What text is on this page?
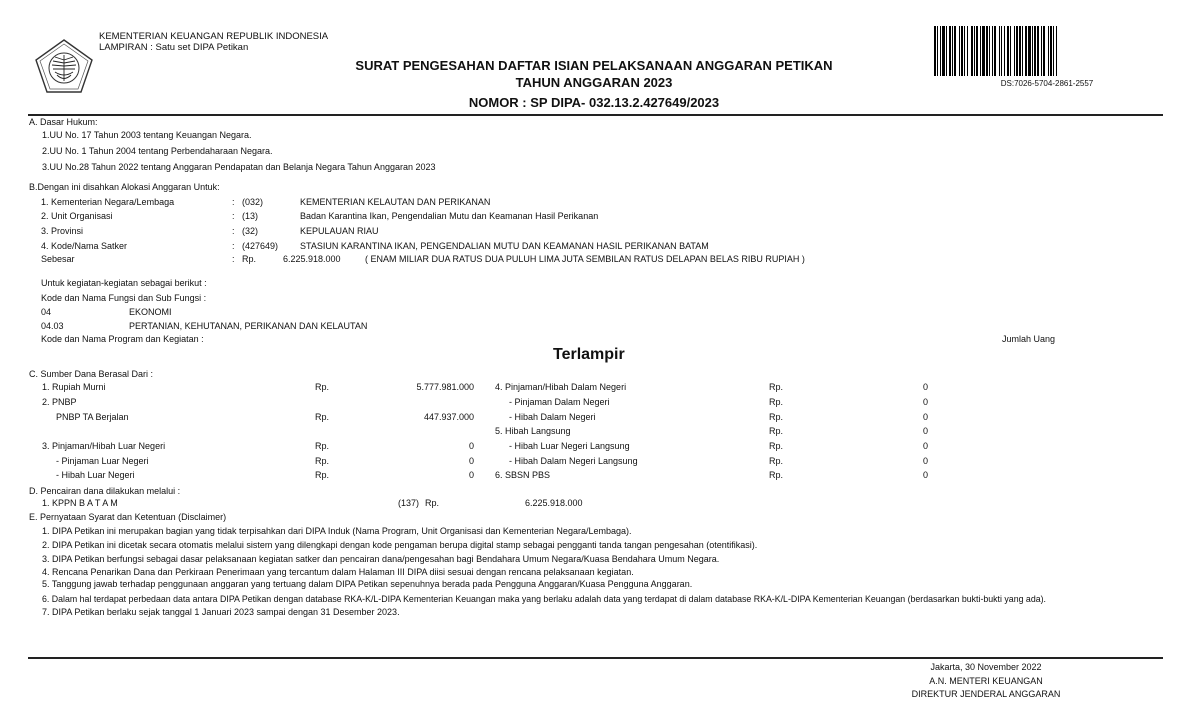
KEMENTERIAN KEUANGAN REPUBLIK INDONESIA
LAMPIRAN : Satu set DIPA Petikan
SURAT PENGESAHAN DAFTAR ISIAN PELAKSANAAN ANGGARAN PETIKAN
TAHUN ANGGARAN 2023
NOMOR : SP DIPA- 032.13.2.427649/2023
DS:7026-5704-2861-2557
A. Dasar Hukum:
1.UU No. 17 Tahun 2003 tentang Keuangan Negara.
2.UU No. 1 Tahun 2004 tentang Perbendaharaan Negara.
3.UU No.28 Tahun 2022 tentang Anggaran Pendapatan dan Belanja Negara Tahun Anggaran 2023
B.Dengan ini disahkan Alokasi Anggaran Untuk:
1. Kementerian Negara/Lembaga	: (032)	KEMENTERIAN KELAUTAN DAN PERIKANAN
2. Unit Organisasi	: (13)	Badan Karantina Ikan, Pengendalian Mutu dan Keamanan Hasil Perikanan
3. Provinsi	: (32)	KEPULAUAN RIAU
4. Kode/Nama Satker	: (427649) STASIUN KARANTINA IKAN, PENGENDALIAN MUTU DAN KEAMANAN HASIL PERIKANAN BATAM
Sebesar	: Rp.	6.225.918.000	( ENAM MILIAR DUA RATUS DUA PULUH LIMA JUTA SEMBILAN RATUS DELAPAN BELAS RIBU RUPIAH )
Untuk kegiatan-kegiatan sebagai berikut :
Kode dan Nama Fungsi dan Sub Fungsi :
04	EKONOMI
04.03	PERTANIAN, KEHUTANAN, PERIKANAN DAN KELAUTAN
Kode dan Nama Program dan Kegiatan :	Jumlah Uang
Terlampir
C. Sumber Dana Berasal Dari :
1. Rupiah Murni	Rp.	5.777.981.000
2. PNBP
PNBP TA Berjalan	Rp.	447.937.000
3. Pinjaman/Hibah Luar Negeri	Rp.	0
- Pinjaman Luar Negeri	Rp.	0
- Hibah Luar Negeri	Rp.	0
4. Pinjaman/Hibah Dalam Negeri	Rp.	0
- Pinjaman Dalam Negeri	Rp.	0
- Hibah Dalam Negeri	Rp.	0
5. Hibah Langsung	Rp.	0
- Hibah Luar Negeri Langsung	Rp.	0
- Hibah Dalam Negeri Langsung	Rp.	0
6. SBSN PBS	Rp.	0
D. Pencairan dana dilakukan melalui :
1. KPPN B A T A M	(137) Rp.	6.225.918.000
E. Pernyataan Syarat dan Ketentuan (Disclaimer)
1. DIPA Petikan ini merupakan bagian yang tidak terpisahkan dari DIPA Induk (Nama Program, Unit Organisasi dan Kementerian Negara/Lembaga).
2. DIPA Petikan ini dicetak secara otomatis melalui sistem yang dilengkapi dengan kode pengaman berupa digital stamp sebagai pengganti tanda tangan pengesahan (otentifikasi).
3. DIPA Petikan berfungsi sebagai dasar pelaksanaan kegiatan satker dan pencairan dana/pengesahan bagi Bendahara Umum Negara/Kuasa Bendahara Umum Negara.
4. Rencana Penarikan Dana dan Perkiraan Penerimaan yang tercantum dalam Halaman III DIPA diisi sesuai dengan rencana pelaksanaan kegiatan.
5. Tanggung jawab terhadap penggunaan anggaran yang tertuang dalam DIPA Petikan sepenuhnya berada pada Pengguna Anggaran/Kuasa Pengguna Anggaran.
6. Dalam hal terdapat perbedaan data antara DIPA Petikan dengan database RKA-K/L-DIPA Kementerian Keuangan maka yang berlaku adalah data yang terdapat di dalam database RKA-K/L-DIPA Kementerian Keuangan (berdasarkan bukti-bukti yang ada).
7. DIPA Petikan berlaku sejak tanggal 1 Januari 2023 sampai dengan 31 Desember 2023.
Jakarta, 30 November 2022
A.N. MENTERI KEUANGAN
DIREKTUR JENDERAL ANGGARAN
